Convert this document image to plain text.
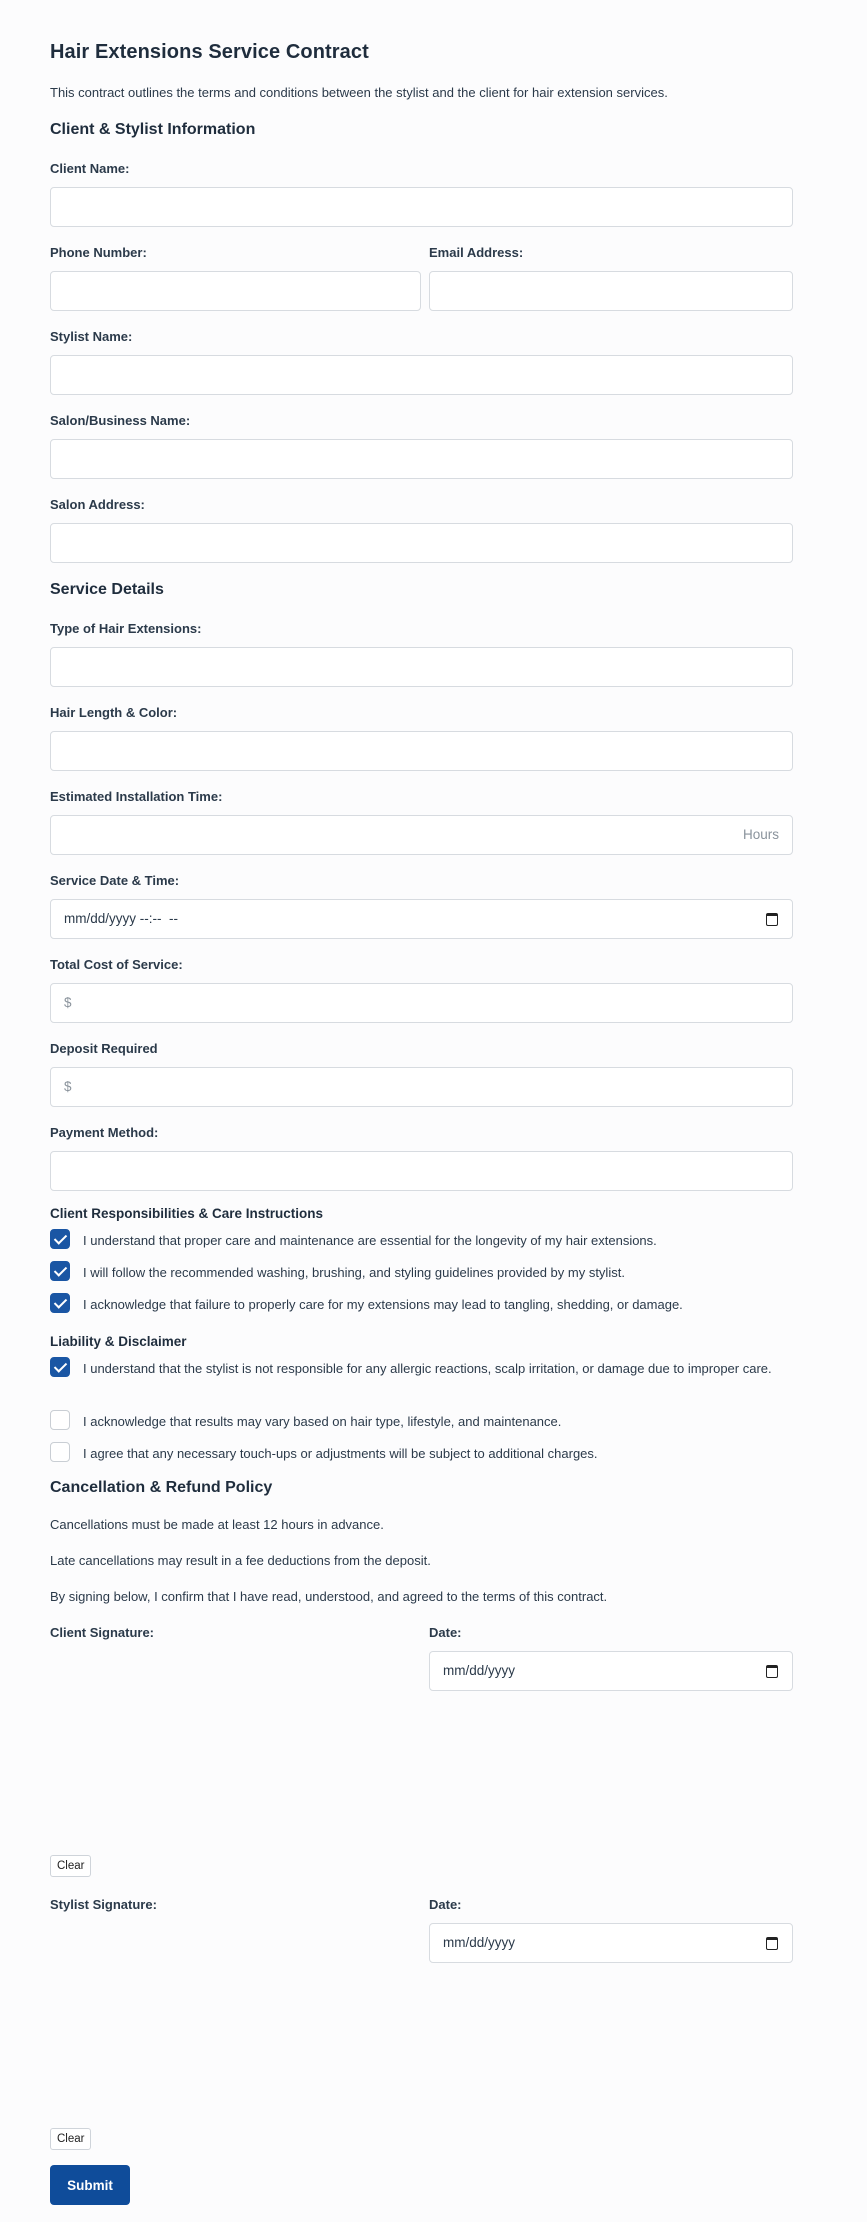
Hair Extensions Service Contract

This contract outlines the terms and conditions between the stylist and the client for hair extension services.

Client & Stylist Information
Client Name:
Phone Number:	Email Address:
Stylist Name:
Salon/Business Name:
Salon Address:
Service Details
Type of Hair Extensions:
Hair Length & Color:
Estimated Installation Time:
Hours
Service Date & Time:
mm/dd/yyyy --:--  --
Total Cost of Service:
$
Deposit Required
$
Payment Method:
Client Responsibilities & Care Instructions
I understand that proper care and maintenance are essential for the longevity of my hair extensions.
I will follow the recommended washing, brushing, and styling guidelines provided by my stylist.
I acknowledge that failure to properly care for my extensions may lead to tangling, shedding, or damage.
Liability & Disclaimer
I understand that the stylist is not responsible for any allergic reactions, scalp irritation, or damage due to improper care.
I acknowledge that results may vary based on hair type, lifestyle, and maintenance.
I agree that any necessary touch-ups or adjustments will be subject to additional charges.
Cancellation & Refund Policy

Cancellations must be made at least 12 hours in advance.

Late cancellations may result in a fee deductions from the deposit.

By signing below, I confirm that I have read, understood, and agreed to the terms of this contract.

Client Signature:	Date:
mm/dd/yyyy
Clear
Stylist Signature:	Date:
mm/dd/yyyy
Clear
Submit
